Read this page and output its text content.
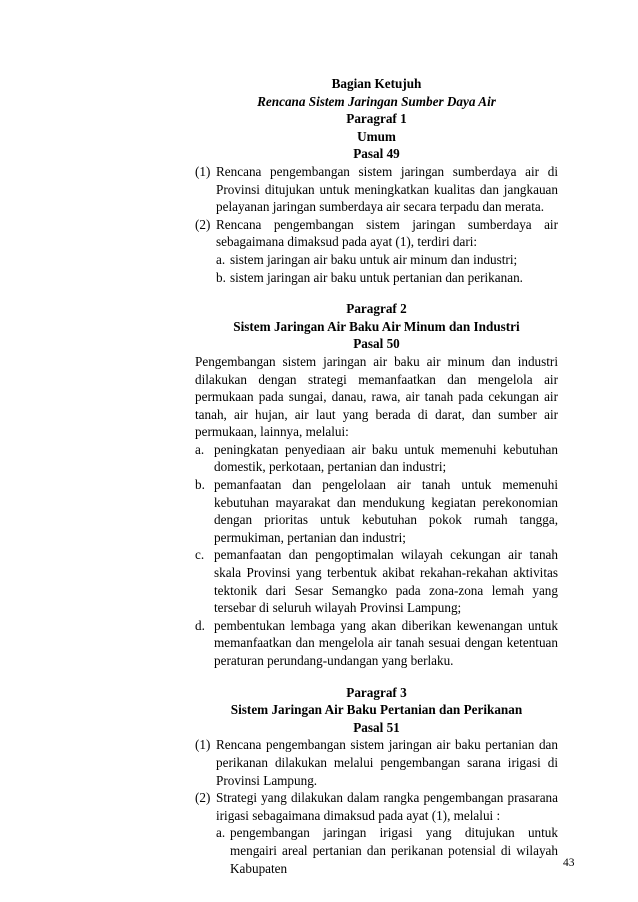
Bagian Ketujuh
Rencana Sistem Jaringan Sumber Daya Air
Paragraf 1
Umum
Pasal 49
(1) Rencana pengembangan sistem jaringan sumberdaya air di Provinsi ditujukan untuk meningkatkan kualitas dan jangkauan pelayanan jaringan sumberdaya air secara terpadu dan merata.
(2) Rencana pengembangan sistem jaringan sumberdaya air sebagaimana dimaksud pada ayat (1), terdiri dari:
a. sistem jaringan air baku untuk air minum dan industri;
b. sistem jaringan air baku untuk pertanian dan perikanan.
Paragraf 2
Sistem Jaringan Air Baku Air Minum dan Industri
Pasal 50
Pengembangan sistem jaringan air baku air minum dan industri dilakukan dengan strategi memanfaatkan dan mengelola air permukaan pada sungai, danau, rawa, air tanah pada cekungan air tanah, air hujan, air laut yang berada di darat, dan sumber air permukaan, lainnya, melalui:
a. peningkatan penyediaan air baku untuk memenuhi kebutuhan domestik, perkotaan, pertanian dan industri;
b. pemanfaatan dan pengelolaan air tanah untuk memenuhi kebutuhan mayarakat dan mendukung kegiatan perekonomian dengan prioritas untuk kebutuhan pokok rumah tangga, permukiman, pertanian dan industri;
c. pemanfaatan dan pengoptimalan wilayah cekungan air tanah skala Provinsi yang terbentuk akibat rekahan-rekahan aktivitas tektonik dari Sesar Semangko pada zona-zona lemah yang tersebar di seluruh wilayah Provinsi Lampung;
d. pembentukan lembaga yang akan diberikan kewenangan untuk memanfaatkan dan mengelola air tanah sesuai dengan ketentuan peraturan perundang-undangan yang berlaku.
Paragraf 3
Sistem Jaringan Air Baku Pertanian dan Perikanan
Pasal 51
(1) Rencana pengembangan sistem jaringan air baku pertanian dan perikanan dilakukan melalui pengembangan sarana irigasi di Provinsi Lampung.
(2) Strategi yang dilakukan dalam rangka pengembangan prasarana irigasi sebagaimana dimaksud pada ayat (1), melalui :
a. pengembangan jaringan irigasi yang ditujukan untuk mengairi areal pertanian dan perikanan potensial di wilayah Kabupaten	43
